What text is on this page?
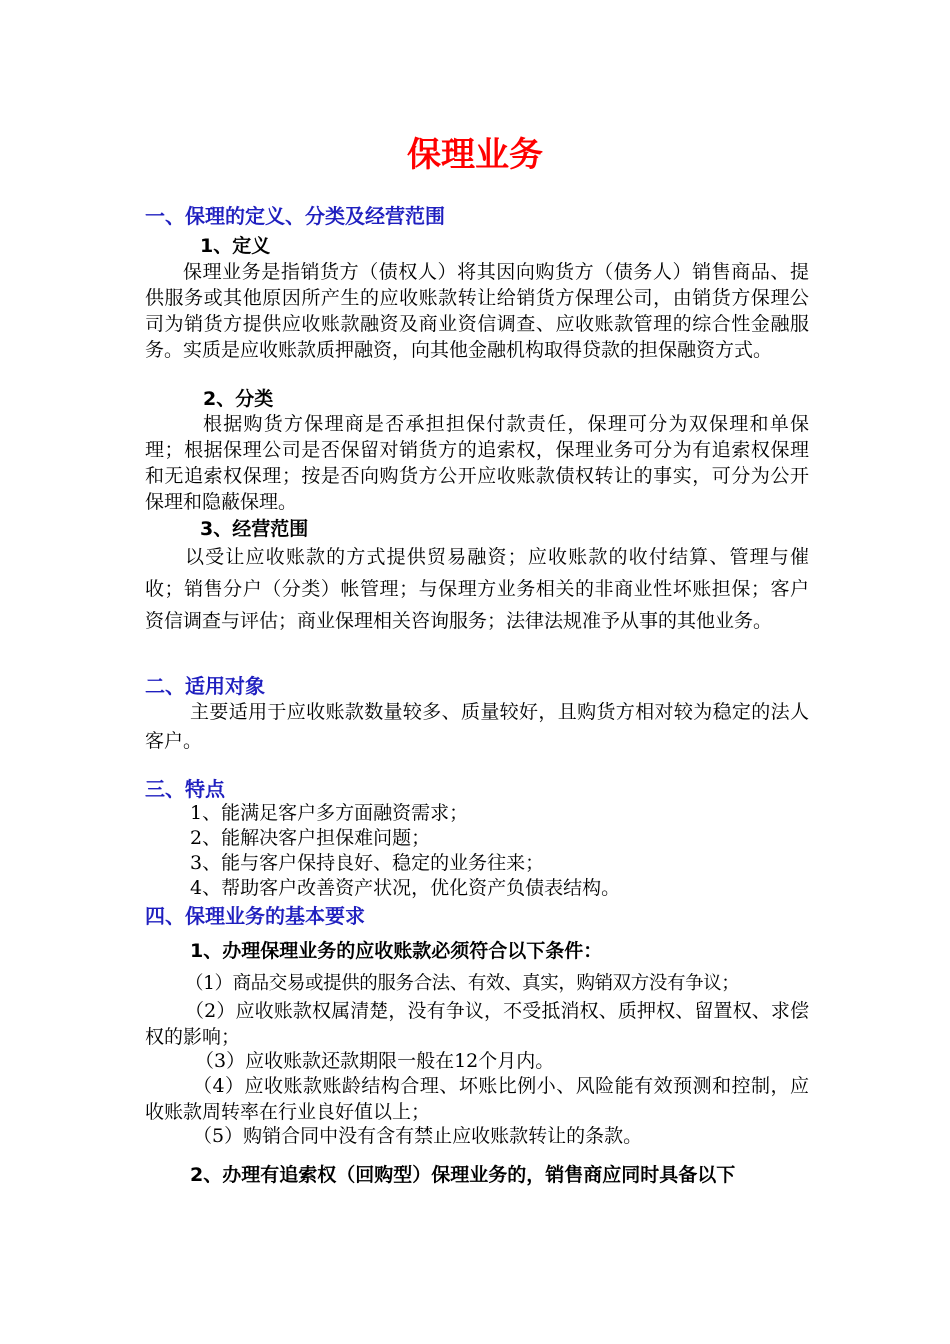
保理业务
一、保理的定义、分类及经营范围
1、定义
保理业务是指销货方（债权人）将其因向购货方（债务人）销售商品、提供服务或其他原因所产生的应收账款转让给销货方保理公司，由销货方保理公司为销货方提供应收账款融资及商业资信调查、应收账款管理的综合性金融服务。实质是应收账款质押融资，向其他金融机构取得贷款的担保融资方式。
2、分类
根据购货方保理商是否承担担保付款责任，保理可分为双保理和单保理；根据保理公司是否保留对销货方的追索权，保理业务可分为有追索权保理和无追索权保理；按是否向购货方公开应收账款债权转让的事实，可分为公开保理和隐蔽保理。
3、经营范围
以受让应收账款的方式提供贸易融资；应收账款的收付结算、管理与催收；销售分户（分类）帐管理；与保理方业务相关的非商业性坏账担保；客户资信调查与评估；商业保理相关咨询服务；法律法规准予从事的其他业务。
二、适用对象
主要适用于应收账款数量较多、质量较好，且购货方相对较为稳定的法人客户。
三、特点
1、能满足客户多方面融资需求；
2、能解决客户担保难问题；
3、能与客户保持良好、稳定的业务往来；
4、帮助客户改善资产状况，优化资产负债表结构。
四、保理业务的基本要求
1、办理保理业务的应收账款必须符合以下条件：
（1）商品交易或提供的服务合法、有效、真实，购销双方没有争议；
（2）应收账款权属清楚，没有争议，不受抵消权、质押权、留置权、求偿权的影响；
（3）应收账款还款期限一般在12个月内。
（4）应收账款账龄结构合理、坏账比例小、风险能有效预测和控制，应收账款周转率在行业良好值以上；
（5）购销合同中没有含有禁止应收账款转让的条款。
2、办理有追索权（回购型）保理业务的，销售商应同时具备以下
